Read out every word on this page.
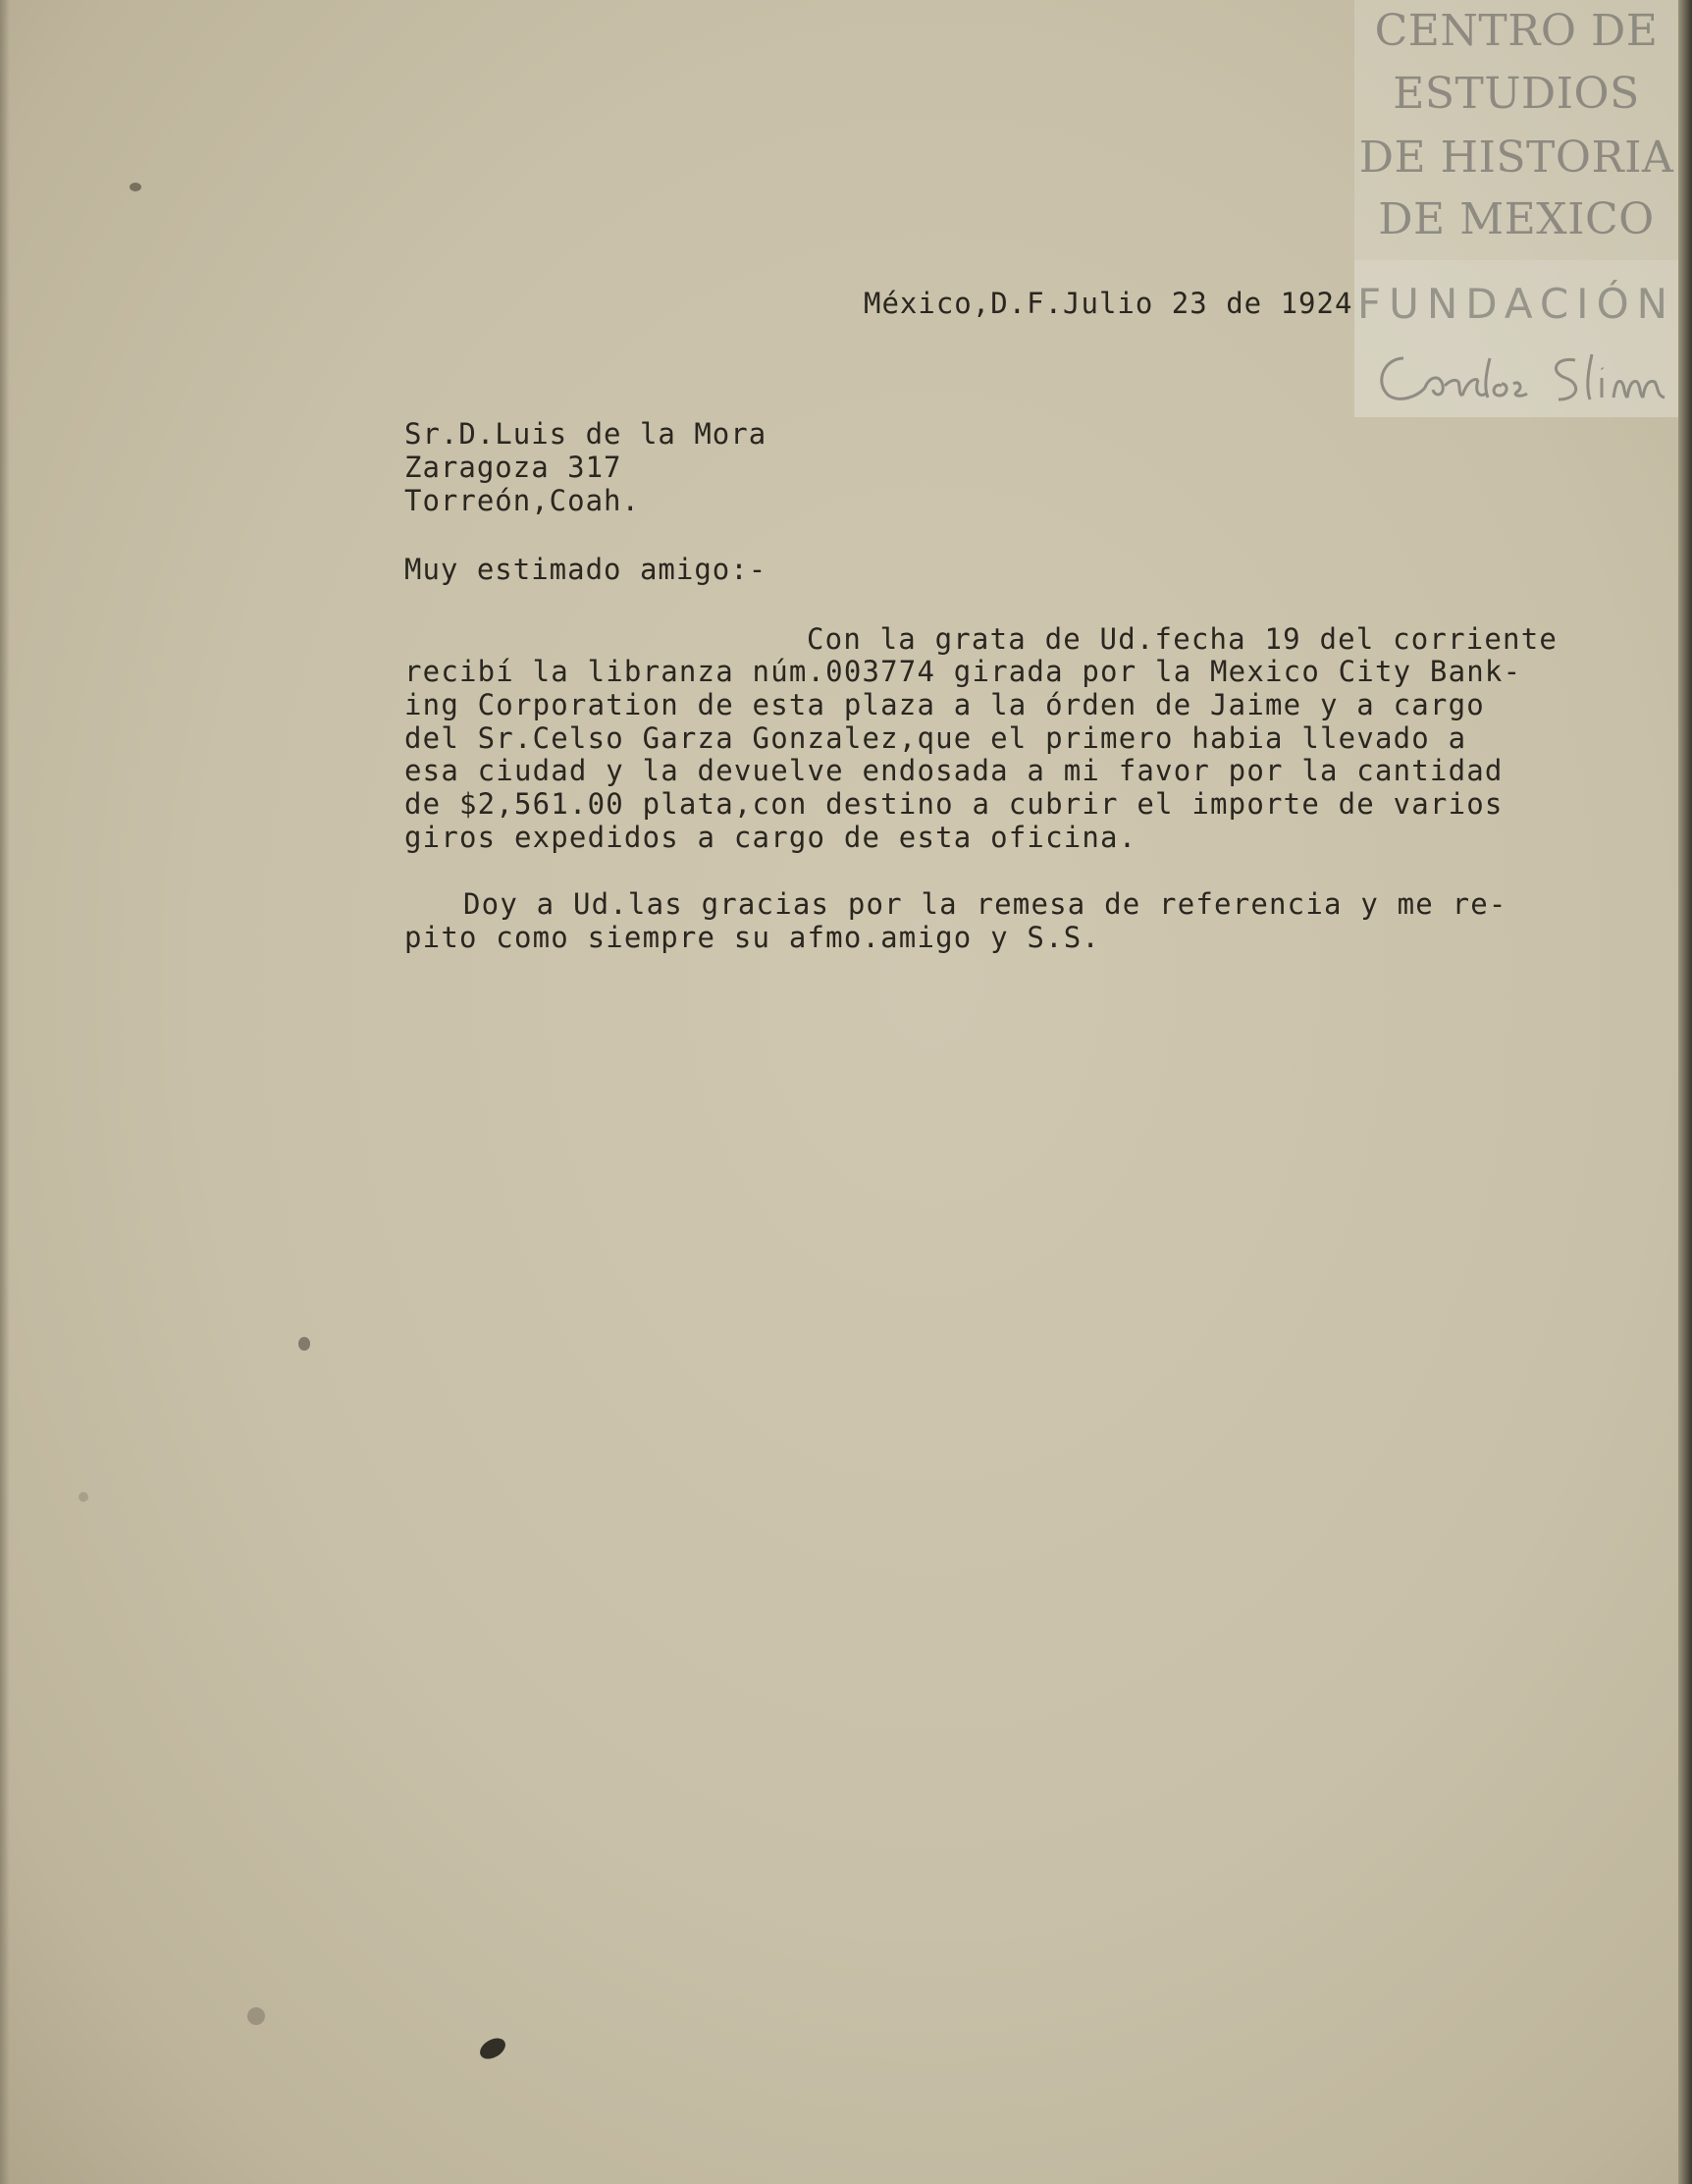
CENTRO DE
ESTUDIOS
DE HISTORIA
DE MEXICO
FUNDACIÓN
México,D.F.Julio 23 de 1924
Sr.D.Luis de la Mora
Zaragoza 317
Torreón,Coah.
Muy estimado amigo:-
Con la grata de Ud.fecha 19 del corriente
recibí la libranza núm.003774 girada por la Mexico City Bank-
ing Corporation de esta plaza a la órden de Jaime y a cargo
del Sr.Celso Garza Gonzalez,que el primero habia llevado a
esa ciudad y la devuelve endosada a mi favor por la cantidad
de $2,561.00 plata,con destino a cubrir el importe de varios
giros expedidos a cargo de esta oficina.
Doy a Ud.las gracias por la remesa de referencia y me re-
pito como siempre su afmo.amigo y S.S.
